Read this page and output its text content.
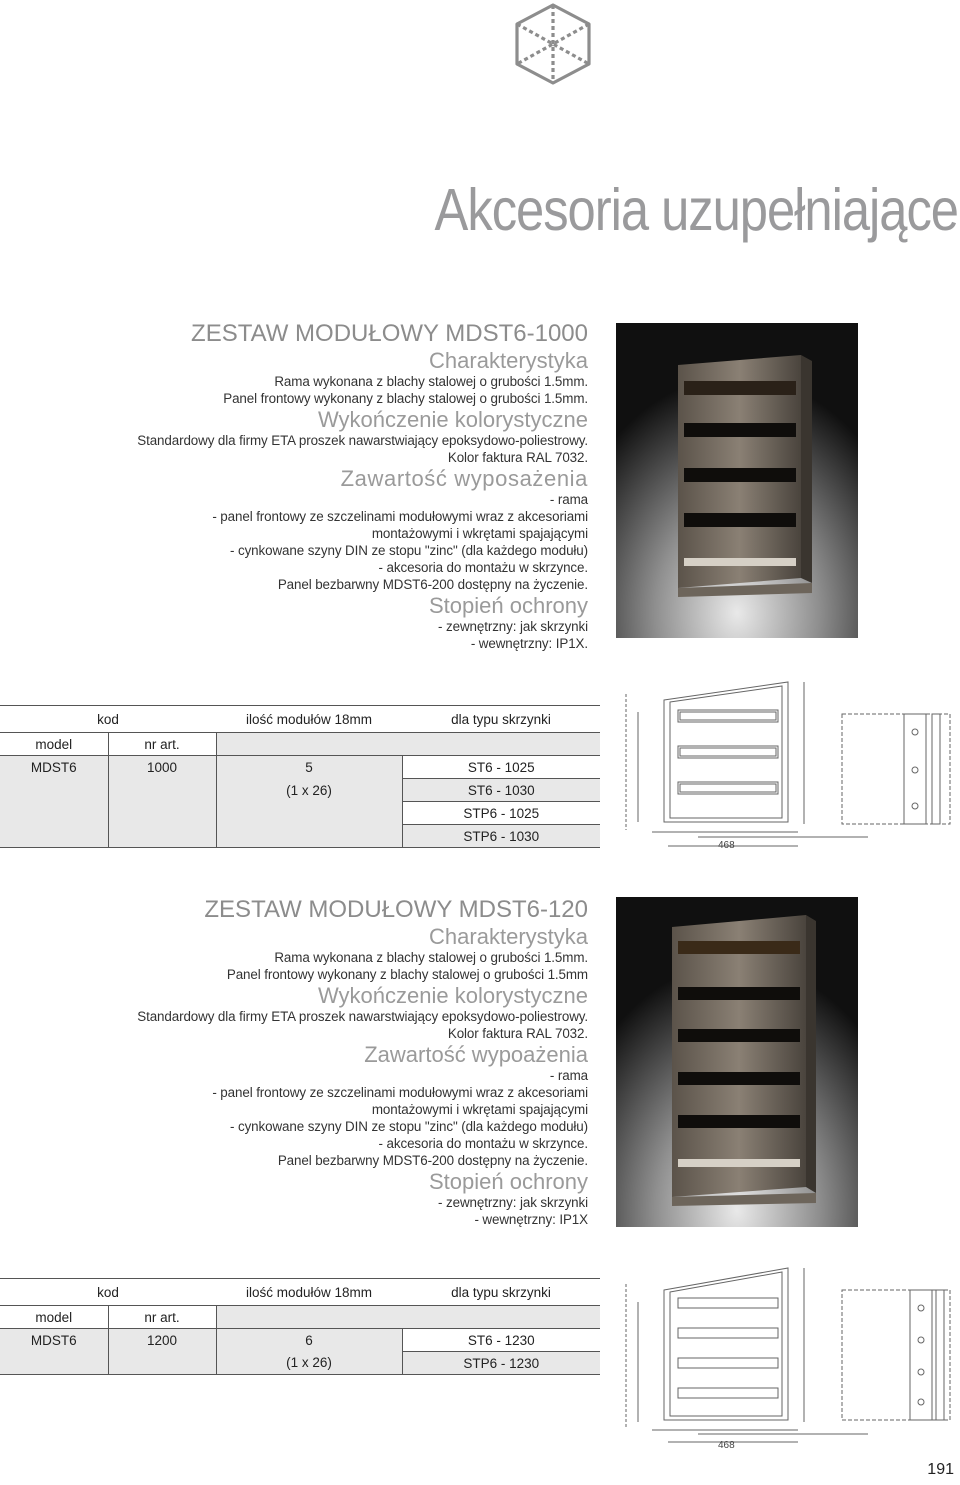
Akcesoria uzupełniające
ZESTAW MODUŁOWY MDST6-1000
Charakterystyka
Rama wykonana z blachy stalowej o grubości 1.5mm.
Panel frontowy wykonany z blachy stalowej o grubości 1.5mm.
Wykończenie kolorystyczne
Standardowy dla firmy ETA proszek nawarstwiający epoksydowo-poliestrowy.
Kolor faktura RAL 7032.
Zawartość wyposażenia
- rama
- panel frontowy ze szczelinami modułowymi wraz z akcesoriami
montażowymi i wkrętami spajającymi
- cynkowane szyny DIN ze stopu "zinc" (dla każdego modułu)
- akcesoria do montażu w skrzynce.
Panel bezbarwny MDST6-200 dostępny na życzenie.
Stopień ochrony
- zewnętrzny: jak skrzynki
- wewnętrzny: IP1X.
kod		ilość modułów 18mm	dla typu skrzynki
model	nr art.		
MDST6	1000	5	ST6 - 1025
		(1 x 26)	ST6 - 1030
			STP6 - 1025
			STP6 - 1030
468
ZESTAW MODUŁOWY MDST6-120
Charakterystyka
Rama wykonana z blachy stalowej o grubości 1.5mm.
Panel frontowy wykonany z blachy stalowej o grubości 1.5mm
Wykończenie kolorystyczne
Standardowy dla firmy ETA proszek nawarstwiający epoksydowo-poliestrowy.
Kolor faktura RAL 7032.
Zawartość wypoażenia
- rama
- panel frontowy ze szczelinami modułowymi wraz z akcesoriami
montażowymi i wkrętami spajającymi
- cynkowane szyny DIN ze stopu "zinc" (dla każdego modułu)
- akcesoria do montażu w skrzynce.
Panel bezbarwny MDST6-200 dostępny na życzenie.
Stopień ochrony
- zewnętrzny: jak skrzynki
- wewnętrzny: IP1X
kod		ilość modułów 18mm	dla typu skrzynki
model	nr art.		
MDST6	1200	6	ST6 - 1230
		(1 x 26)	STP6 - 1230
468
191
